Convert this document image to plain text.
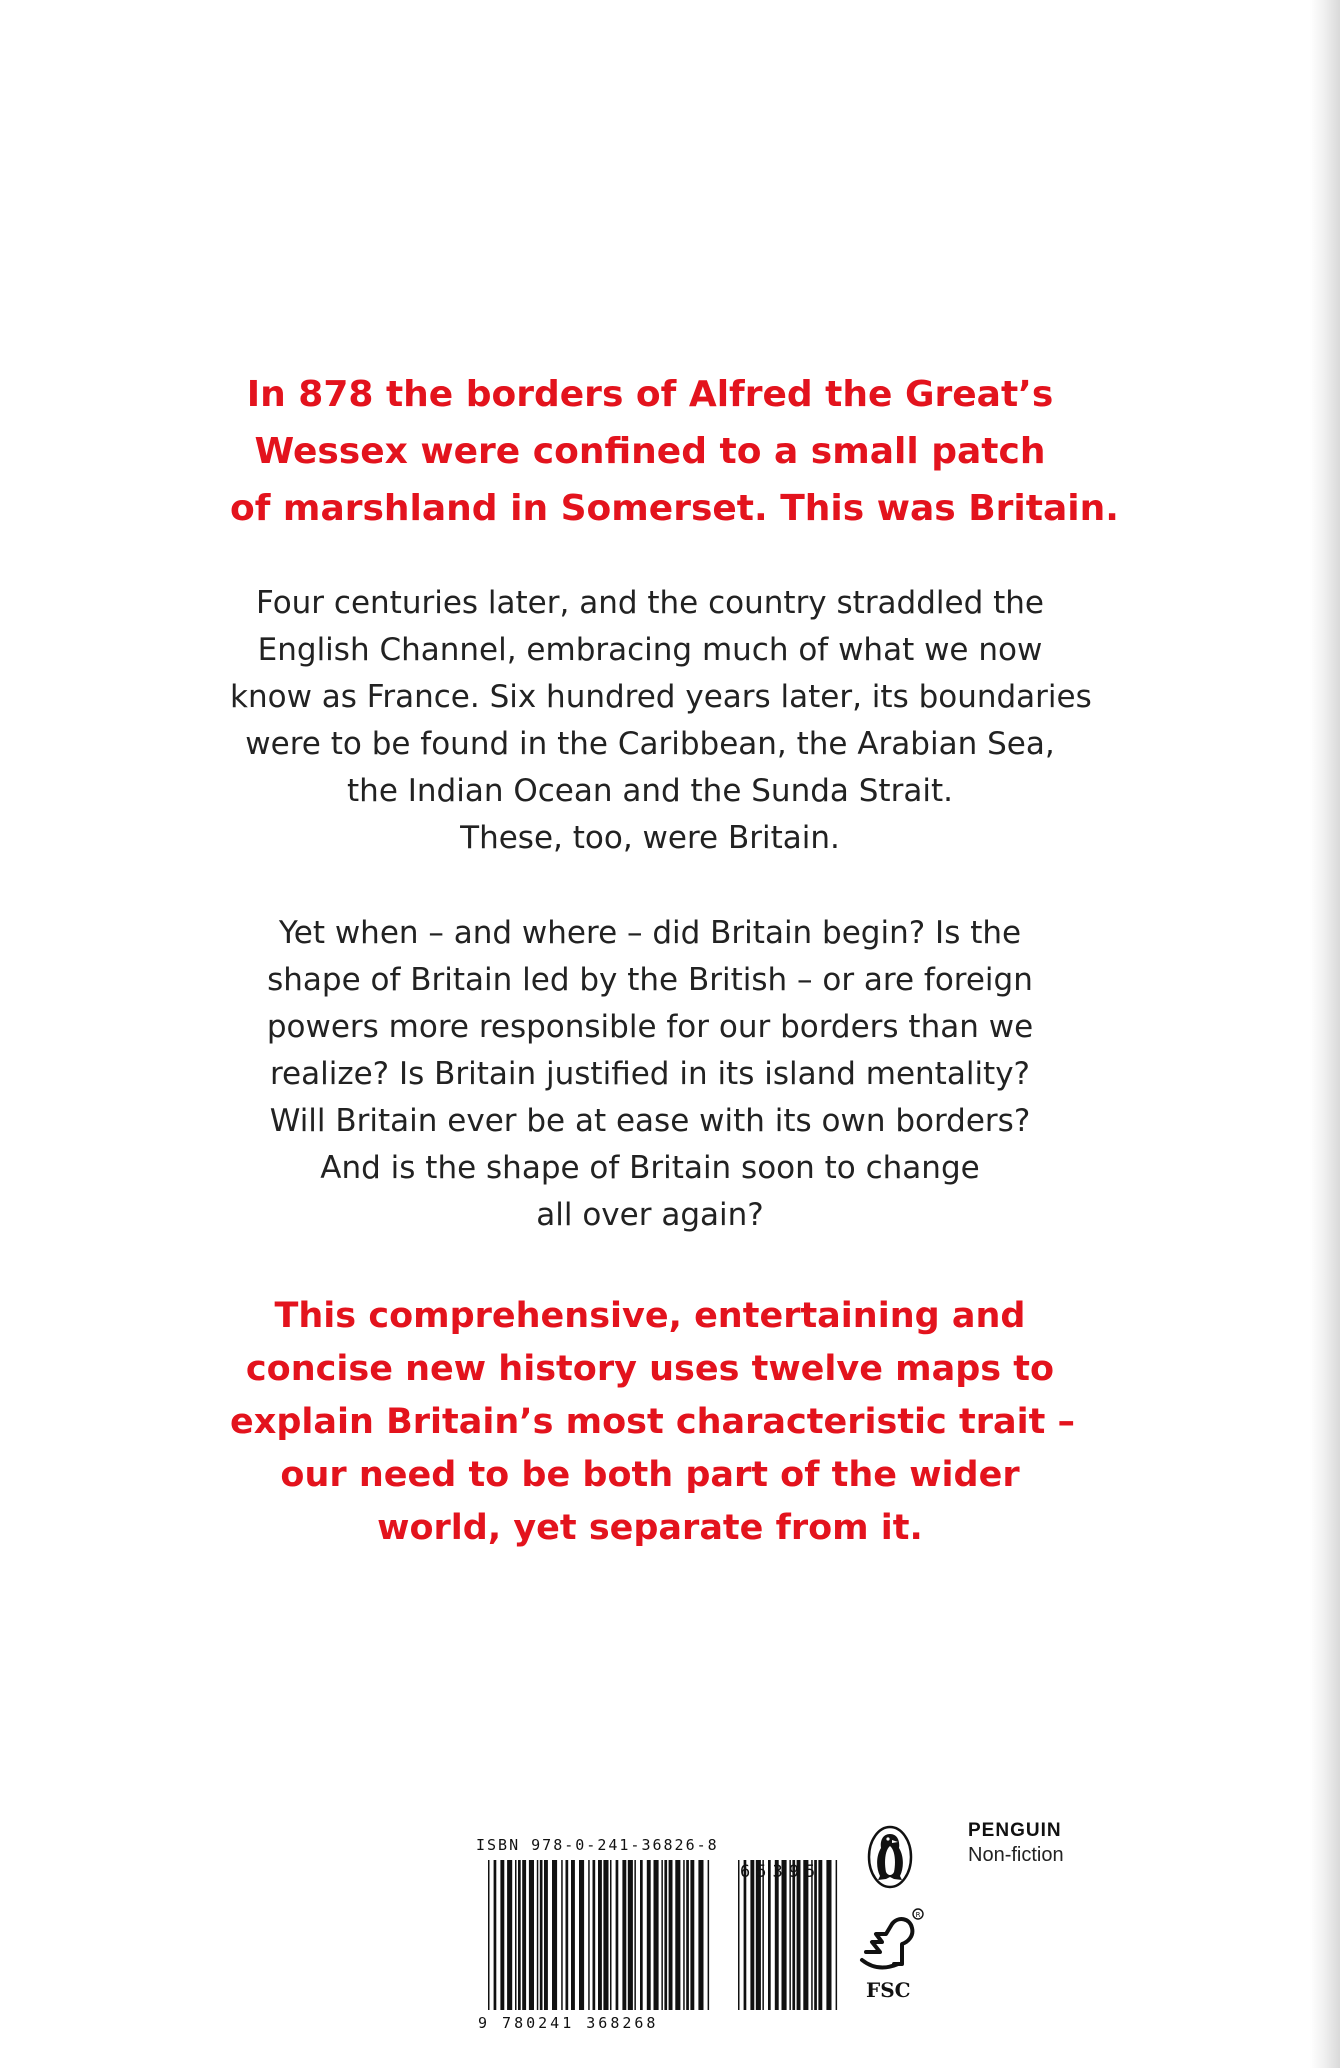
In 878 the borders of Alfred the Great’s
Wessex were confined to a small patch
of marshland in Somerset. This was Britain.

Four centuries later, and the country straddled the
English Channel, embracing much of what we now
know as France. Six hundred years later, its boundaries
were to be found in the Caribbean, the Arabian Sea,
the Indian Ocean and the Sunda Strait.
These, too, were Britain.

Yet when – and where – did Britain begin? Is the
shape of Britain led by the British – or are foreign
powers more responsible for our borders than we
realize? Is Britain justified in its island mentality?
Will Britain ever be at ease with its own borders?
And is the shape of Britain soon to change
all over again?

This comprehensive, entertaining and
concise new history uses twelve maps to
explain Britain’s most characteristic trait –
our need to be both part of the wider
world, yet separate from it.

ISBN 978-0-241-36826-8
65395
9 780241 368268
R
FSC
PENGUIN
Non-fiction
